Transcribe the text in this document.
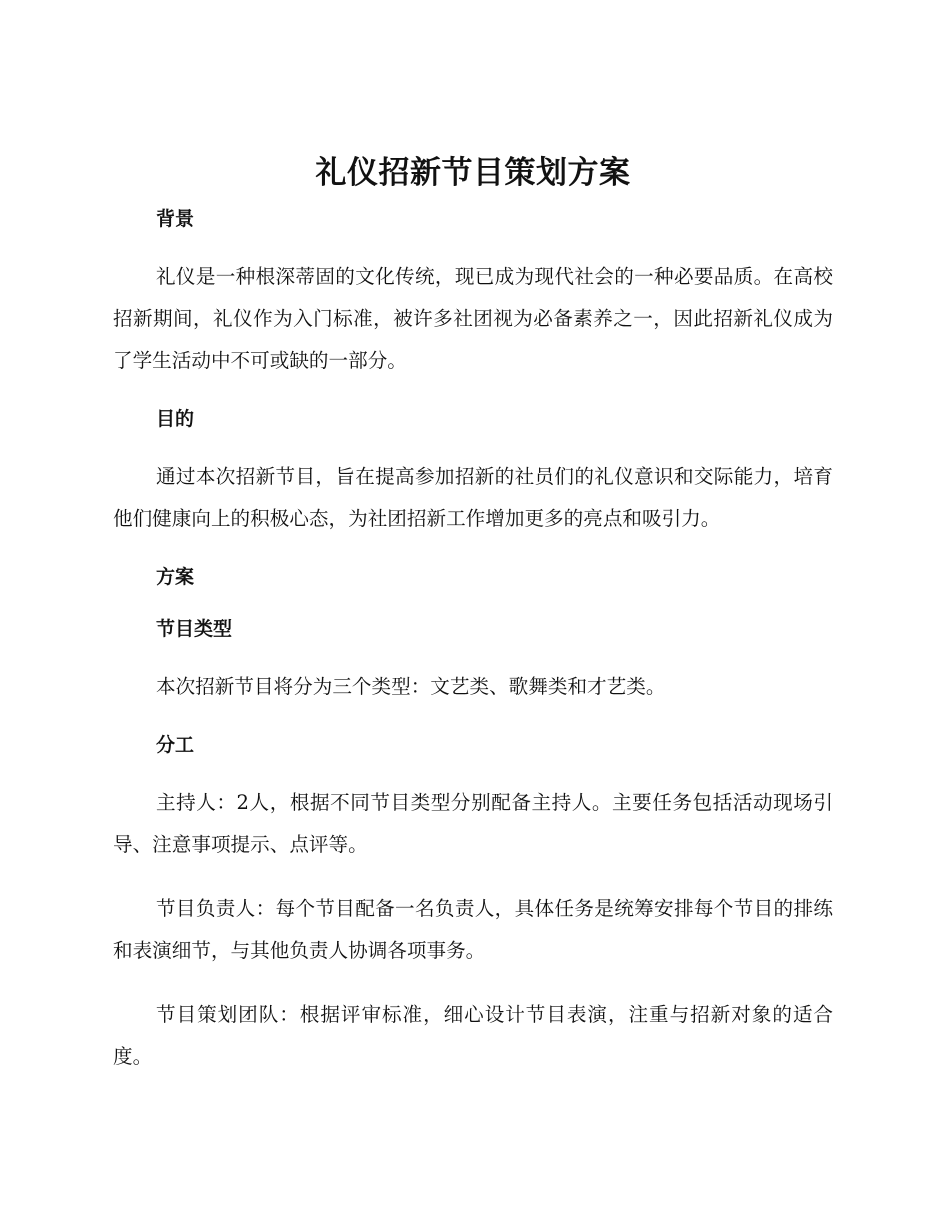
礼仪招新节目策划方案
背景

礼仪是一种根深蒂固的文化传统，现已成为现代社会的一种必要品质。在高校招新期间，礼仪作为入门标准，被许多社团视为必备素养之一，因此招新礼仪成为了学生活动中不可或缺的一部分。

目的

通过本次招新节目，旨在提高参加招新的社员们的礼仪意识和交际能力，培育他们健康向上的积极心态，为社团招新工作增加更多的亮点和吸引力。

方案
节目类型

本次招新节目将分为三个类型：文艺类、歌舞类和才艺类。

分工

主持人：2人，根据不同节目类型分别配备主持人。主要任务包括活动现场引导、注意事项提示、点评等。

节目负责人：每个节目配备一名负责人，具体任务是统筹安排每个节目的排练和表演细节，与其他负责人协调各项事务。

节目策划团队：根据评审标准，细心设计节目表演，注重与招新对象的适合度。
